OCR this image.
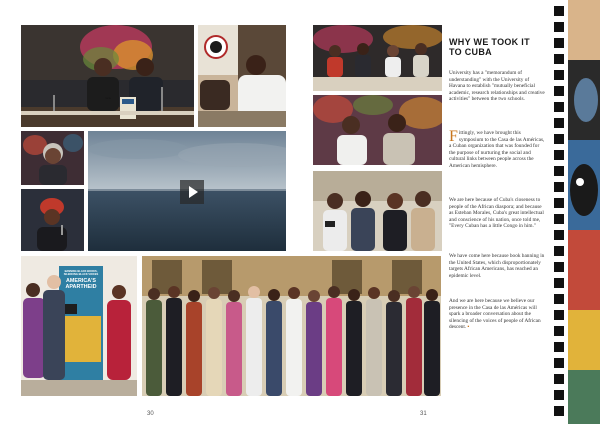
ADVENTURES IN TRUTH
BANNING BLACK BOOKS,
SILENCING BLACK VOICES
AMERICA'S
APARTHEID
WHY WE TOOK IT TO CUBA
University has a "memorandum of understanding" with the University of Havana to establish "mutually beneficial academic, research relationships and creative activities" between the two schools.
Fittingly, we have brought this symposium to the Casa de las Américas, a Cuban organization that was founded for the purpose of nurturing the social and cultural links between people across the American hemisphere.
We are here because of Cuba's closeness to people of the African diaspora; and because as Esteban Morales, Cuba's great intellectual and conscience of his nation, once told me, "Every Cuban has a little Congo in him."
We have come here because book banning in the United States, which disproportionately targets African Americans, has reached an epidemic level.
And we are here because we believe our presence in the Casa de las Américas will spark a broader conversation about the silencing of the voices of people of African descent. ▪
30	31
